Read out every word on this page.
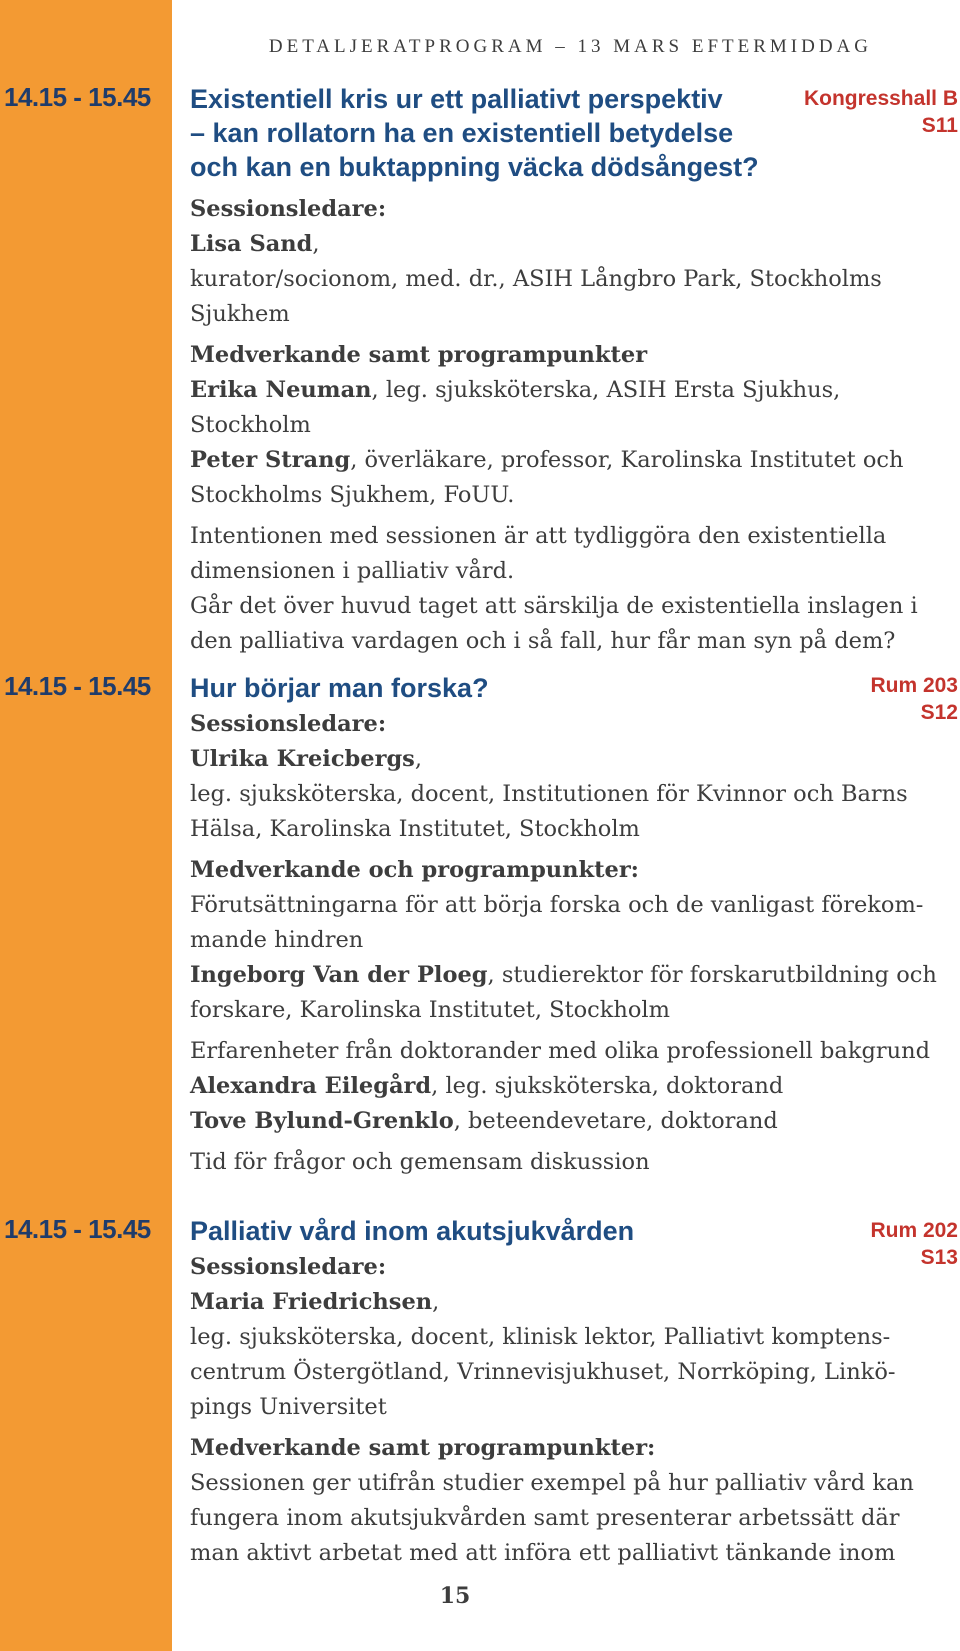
DETALJERATPROGRAM – 13 MARS EFTERMIDDAG
14.15 - 15.45	Kongresshall B
S11
Existentiell kris ur ett palliativt perspektiv
– kan rollatorn ha en existentiell betydelse
och kan en buktappning väcka dödsångest?
Sessionsledare:
Lisa Sand,
kurator/socionom, med. dr., ASIH Långbro Park, Stockholms
Sjukhem
Medverkande samt programpunkter
Erika Neuman, leg. sjuksköterska, ASIH Ersta Sjukhus,
Stockholm
Peter Strang, överläkare, professor, Karolinska Institutet och
Stockholms Sjukhem, FoUU.
Intentionen med sessionen är att tydliggöra den existentiella
dimensionen i palliativ vård.
Går det över huvud taget att särskilja de existentiella inslagen i
den palliativa vardagen och i så fall, hur får man syn på dem?
14.15 - 15.45	Rum 203
S12
Hur börjar man forska?
Sessionsledare:
Ulrika Kreicbergs,
leg. sjuksköterska, docent, Institutionen för Kvinnor och Barns
Hälsa, Karolinska Institutet, Stockholm
Medverkande och programpunkter:
Förutsättningarna för att börja forska och de vanligast förekom-
mande hindren
Ingeborg Van der Ploeg, studierektor för forskarutbildning och
forskare, Karolinska Institutet, Stockholm
Erfarenheter från doktorander med olika professionell bakgrund
Alexandra Eilegård, leg. sjuksköterska, doktorand
Tove Bylund-Grenklo, beteendevetare, doktorand
Tid för frågor och gemensam diskussion
14.15 - 15.45	Rum 202
S13
Palliativ vård inom akutsjukvården
Sessionsledare:
Maria Friedrichsen,
leg. sjuksköterska, docent, klinisk lektor, Palliativt komptens-
centrum Östergötland, Vrinnevisjukhuset, Norrköping, Linkö-
pings Universitet
Medverkande samt programpunkter:
Sessionen ger utifrån studier exempel på hur palliativ vård kan
fungera inom akutsjukvården samt presenterar arbetssätt där
man aktivt arbetat med att införa ett palliativt tänkande inom
15
